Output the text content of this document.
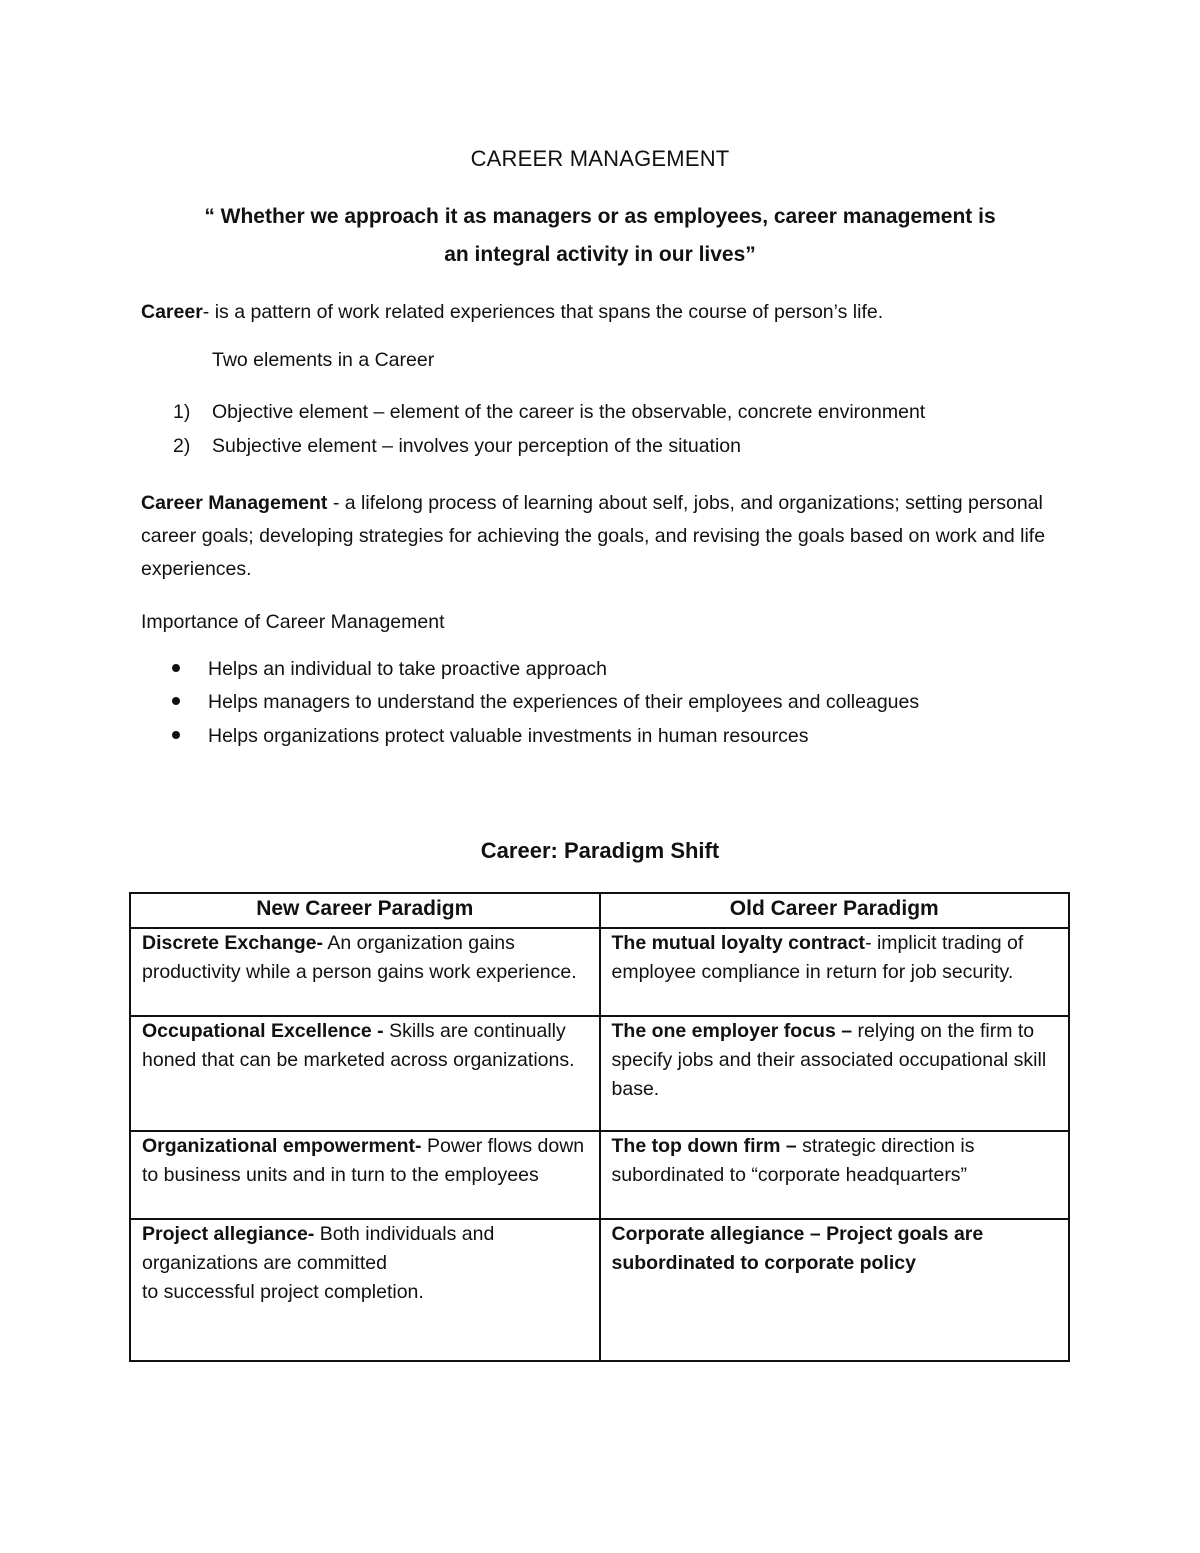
CAREER MANAGEMENT
“ Whether we approach it as managers or as employees, career management is
an integral activity in our lives”
Career- is a pattern of work related experiences that spans the course of person’s life.
Two elements in a Career
1) Objective element – element of the career is the observable, concrete environment
2) Subjective element – involves your perception of the situation
Career Management - a lifelong process of learning about self, jobs, and organizations; setting personal career goals; developing strategies for achieving the goals, and revising the goals based on work and life experiences.
Importance of Career Management
Helps an individual to take proactive approach
Helps managers to understand the experiences of their employees and colleagues
Helps organizations protect valuable investments in human resources
Career: Paradigm Shift
New Career Paradigm	Old Career Paradigm
Discrete Exchange- An organization gains productivity while a person gains work experience.	The mutual loyalty contract- implicit trading of employee compliance in return for job security.
Occupational Excellence - Skills are continually honed that can be marketed across organizations.	The one employer focus – relying on the firm to specify jobs and their associated occupational skill base.
Organizational empowerment- Power flows down to business units and in turn to the employees	The top down firm – strategic direction is subordinated to “corporate headquarters”
Project allegiance- Both individuals and organizations are committed
to successful project completion.	Corporate allegiance – Project goals are subordinated to corporate policy
